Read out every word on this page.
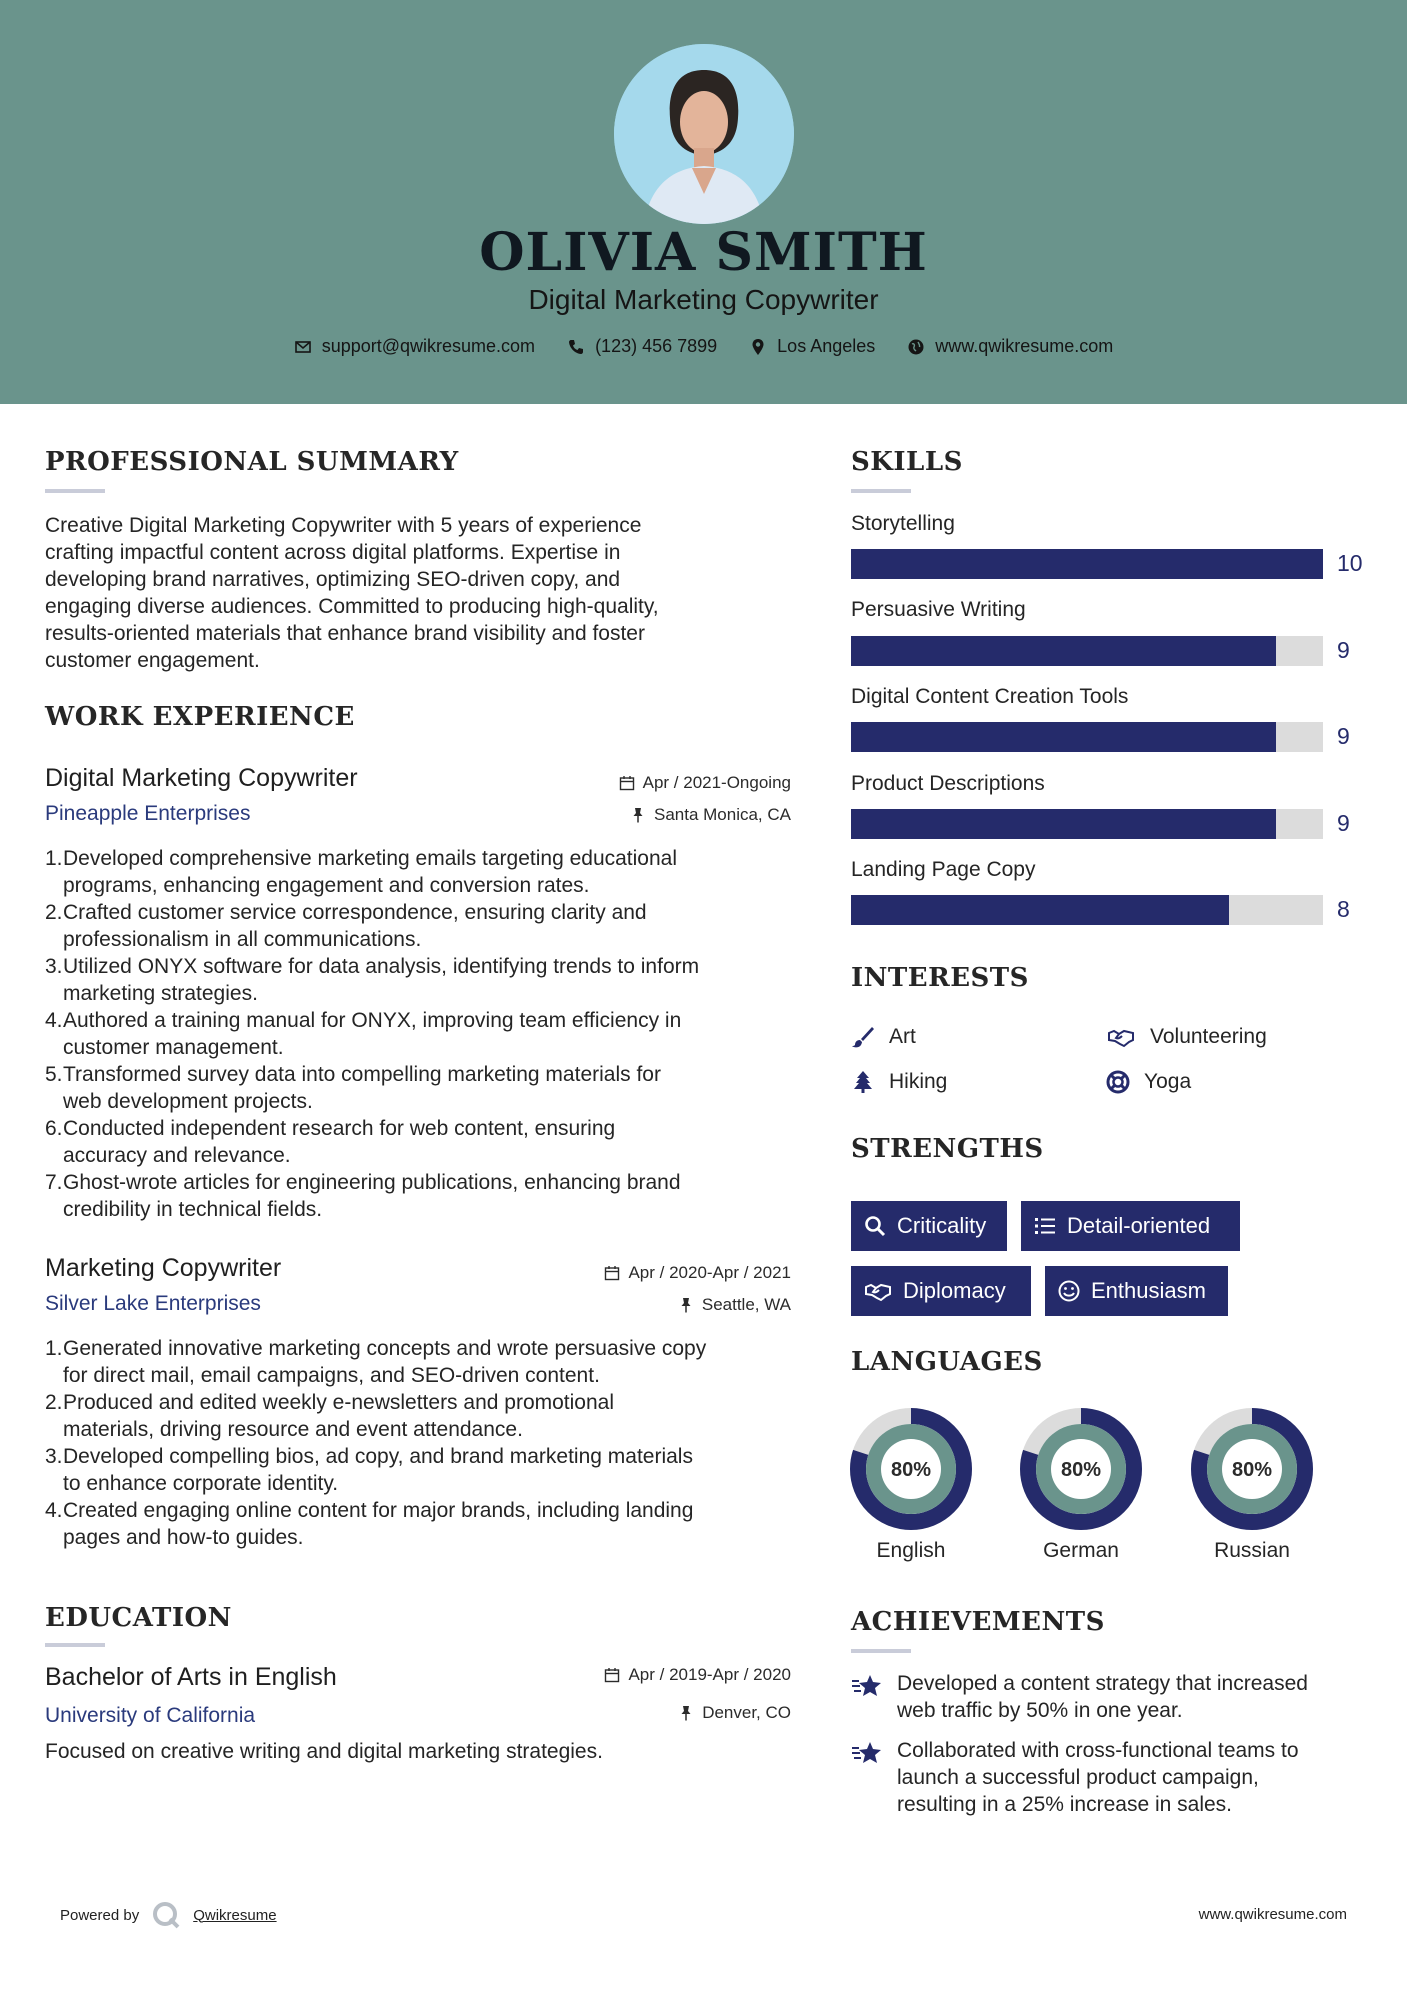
OLIVIA SMITH
Digital Marketing Copywriter
support@qwikresume.com	(123) 456 7899	Los Angeles	www.qwikresume.com
PROFESSIONAL SUMMARY
Creative Digital Marketing Copywriter with 5 years of experience
crafting impactful content across digital platforms. Expertise in
developing brand narratives, optimizing SEO-driven copy, and
engaging diverse audiences. Committed to producing high-quality,
results-oriented materials that enhance brand visibility and foster
customer engagement.
WORK EXPERIENCE
Digital Marketing Copywriter
Pineapple Enterprises
Apr / 2021-Ongoing
Santa Monica, CA
1. Developed comprehensive marketing emails targeting educational
programs, enhancing engagement and conversion rates.
2. Crafted customer service correspondence, ensuring clarity and
professionalism in all communications.
3. Utilized ONYX software for data analysis, identifying trends to inform
marketing strategies.
4. Authored a training manual for ONYX, improving team efficiency in
customer management.
5. Transformed survey data into compelling marketing materials for
web development projects.
6. Conducted independent research for web content, ensuring
accuracy and relevance.
7. Ghost-wrote articles for engineering publications, enhancing brand
credibility in technical fields.
Marketing Copywriter
Silver Lake Enterprises
Apr / 2020-Apr / 2021
Seattle, WA
1. Generated innovative marketing concepts and wrote persuasive copy
for direct mail, email campaigns, and SEO-driven content.
2. Produced and edited weekly e-newsletters and promotional
materials, driving resource and event attendance.
3. Developed compelling bios, ad copy, and brand marketing materials
to enhance corporate identity.
4. Created engaging online content for major brands, including landing
pages and how-to guides.
EDUCATION
Bachelor of Arts in English
University of California
Apr / 2019-Apr / 2020
Denver, CO
Focused on creative writing and digital marketing strategies.
SKILLS
Storytelling
10
Persuasive Writing
9
Digital Content Creation Tools
9
Product Descriptions
9
Landing Page Copy
8
INTERESTS
Art	Volunteering
Hiking	Yoga
STRENGTHS
Criticality	Detail-oriented
Diplomacy	Enthusiasm
LANGUAGES
80%
English
80%
German
80%
Russian
ACHIEVEMENTS
Developed a content strategy that increased
web traffic by 50% in one year.
Collaborated with cross-functional teams to
launch a successful product campaign,
resulting in a 25% increase in sales.
Powered by	Qwikresume	www.qwikresume.com
